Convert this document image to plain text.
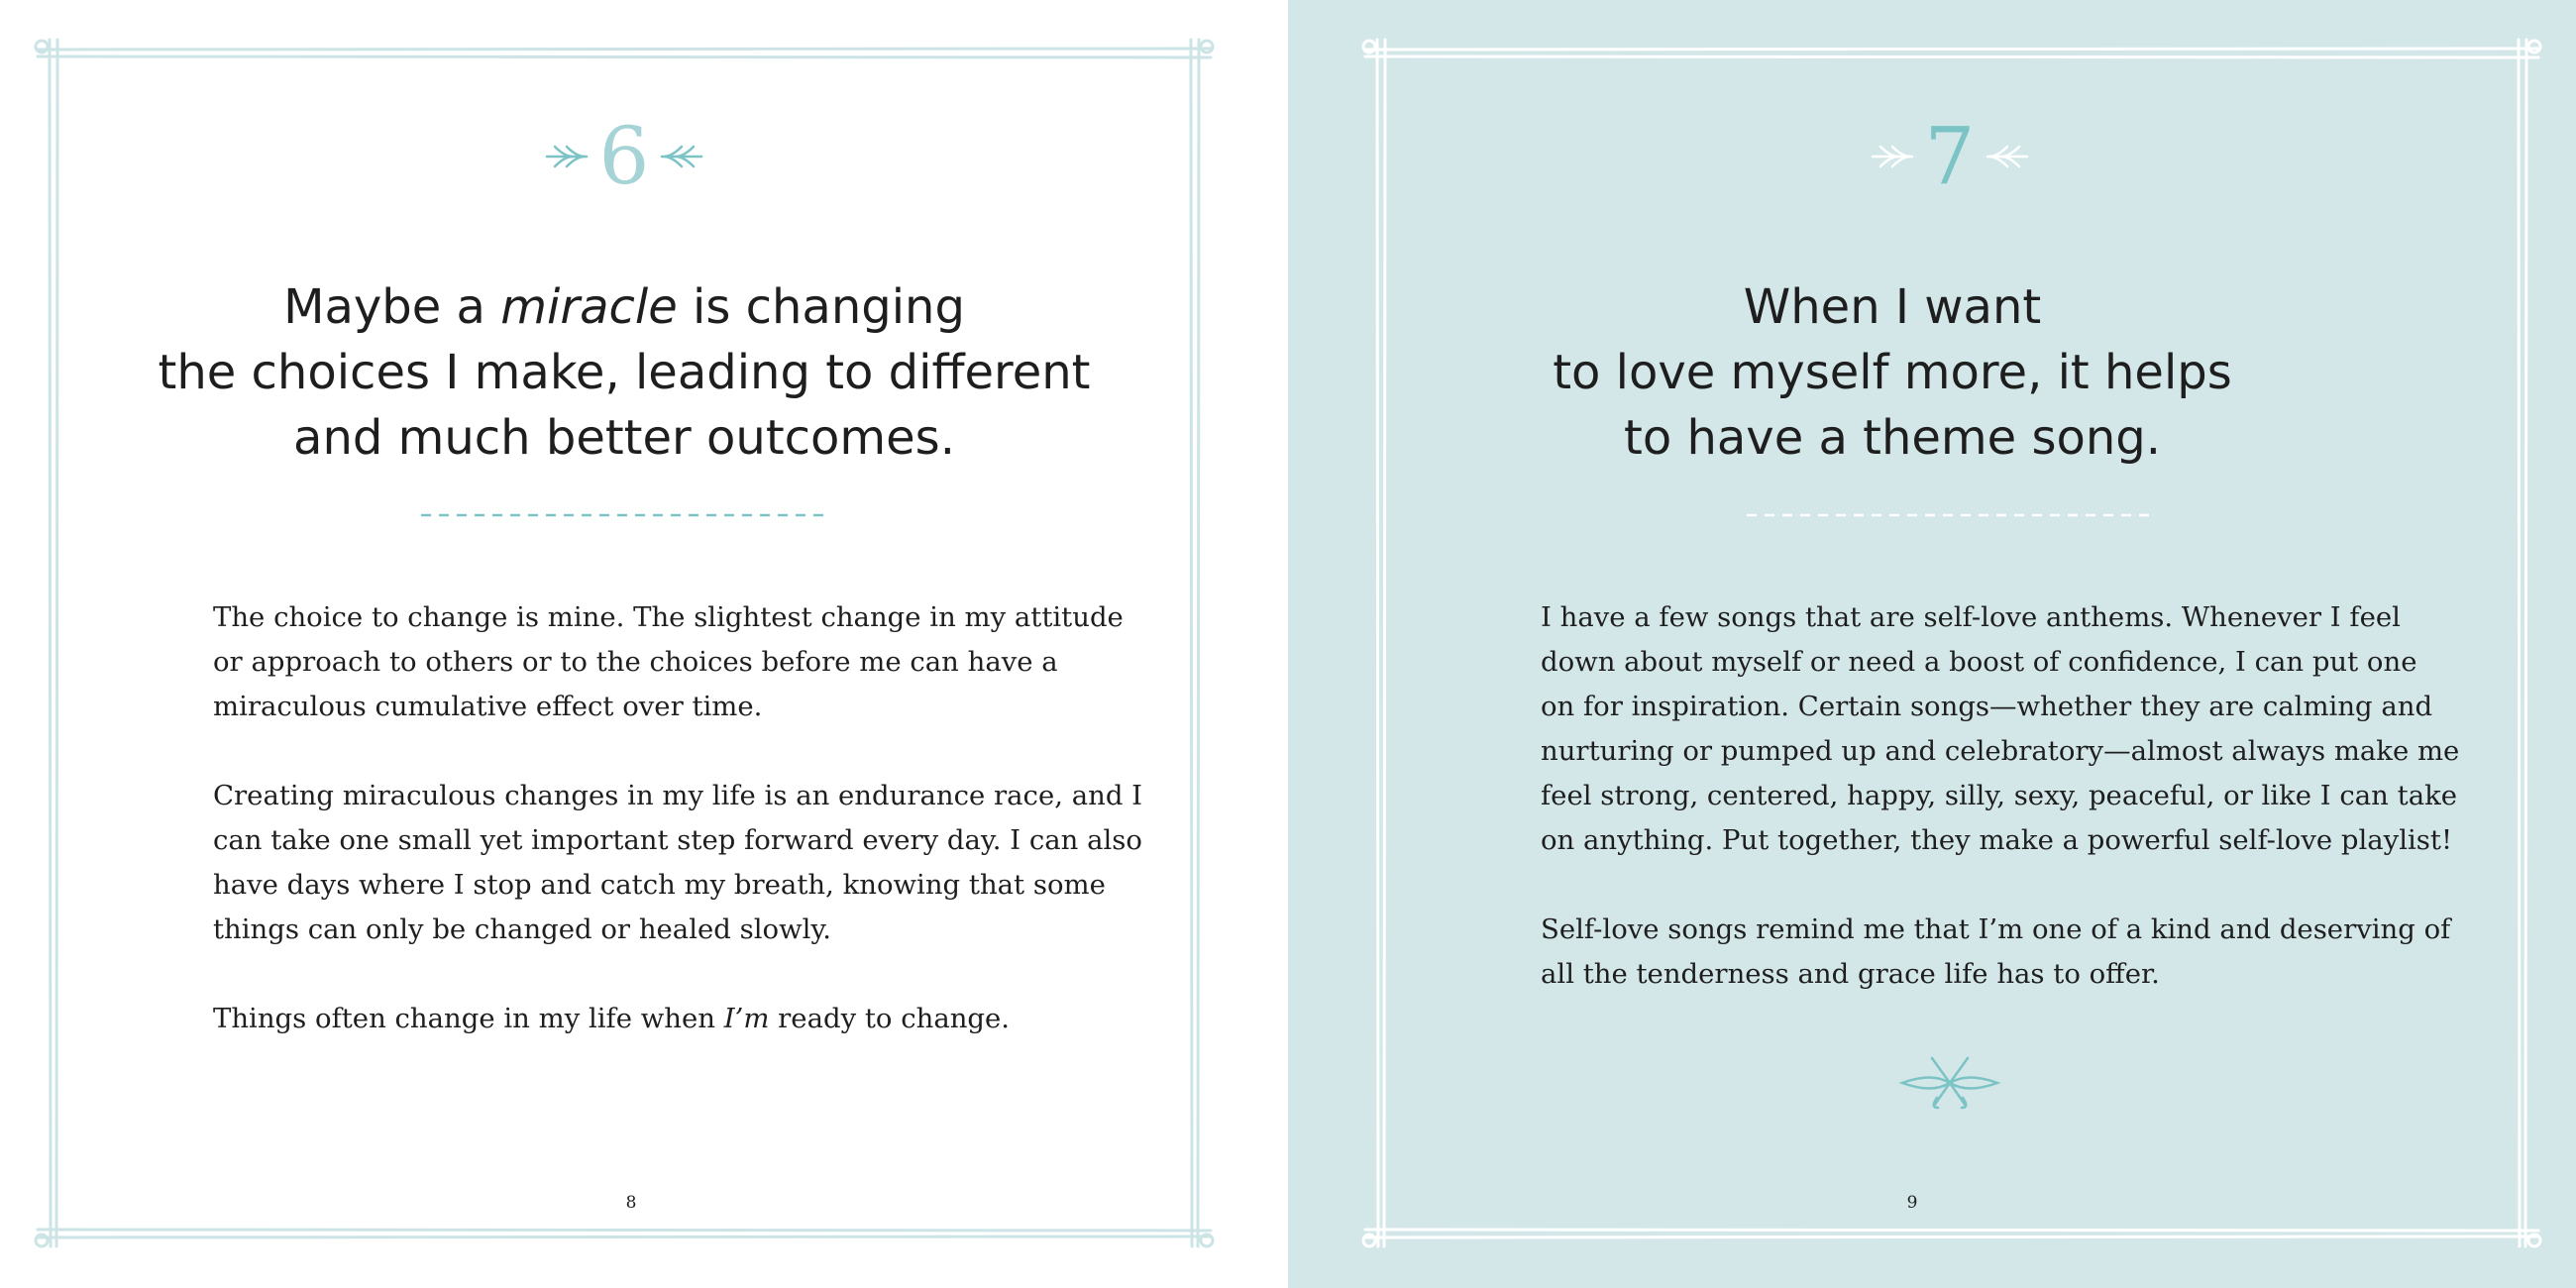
6
Maybe a miracle is changing
the choices I make, leading to different
and much better outcomes.

The choice to change is mine. The slightest change in my attitude
or approach to others or to the choices before me can have a
miraculous cumulative effect over time.

Creating miraculous changes in my life is an endurance race, and I
can take one small yet important step forward every day. I can also
have days where I stop and catch my breath, knowing that some
things can only be changed or healed slowly.

Things often change in my life when I’m ready to change.

8
7
When I want
to love myself more, it helps
to have a theme song.

I have a few songs that are self-love anthems. Whenever I feel
down about myself or need a boost of confidence, I can put one
on for inspiration. Certain songs—whether they are calming and
nurturing or pumped up and celebratory—almost always make me
feel strong, centered, happy, silly, sexy, peaceful, or like I can take
on anything. Put together, they make a powerful self-love playlist!

Self-love songs remind me that I’m one of a kind and deserving of
all the tenderness and grace life has to offer.

9
